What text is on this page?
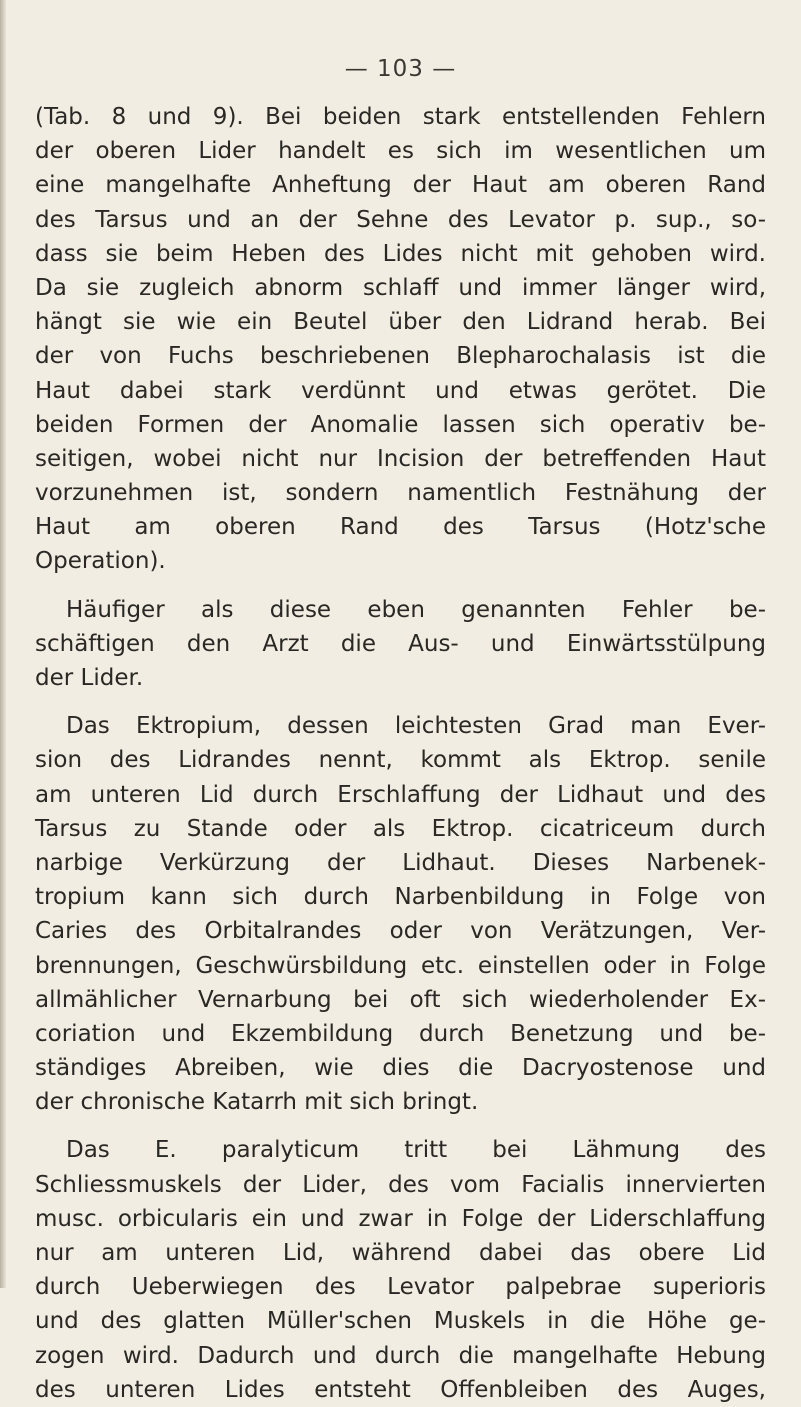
— 103 —
(Tab. 8 und 9). Bei beiden stark entstellenden Fehlern
der oberen Lider handelt es sich im wesentlichen um
eine mangelhafte Anheftung der Haut am oberen Rand
des Tarsus und an der Sehne des Levator p. sup., so-
dass sie beim Heben des Lides nicht mit gehoben wird.
Da sie zugleich abnorm schlaff und immer länger wird,
hängt sie wie ein Beutel über den Lidrand herab. Bei
der von Fuchs beschriebenen Blepharochalasis ist die
Haut dabei stark verdünnt und etwas gerötet. Die
beiden Formen der Anomalie lassen sich operativ be-
seitigen, wobei nicht nur Incision der betreffenden Haut
vorzunehmen ist, sondern namentlich Festnähung der
Haut am oberen Rand des Tarsus (Hotz'sche
Operation).
Häufiger als diese eben genannten Fehler be-
schäftigen den Arzt die Aus- und Einwärtsstülpung
der Lider.
Das Ektropium, dessen leichtesten Grad man Ever-
sion des Lidrandes nennt, kommt als Ektrop. senile
am unteren Lid durch Erschlaffung der Lidhaut und des
Tarsus zu Stande oder als Ektrop. cicatriceum durch
narbige Verkürzung der Lidhaut. Dieses Narbenek-
tropium kann sich durch Narbenbildung in Folge von
Caries des Orbitalrandes oder von Verätzungen, Ver-
brennungen, Geschwürsbildung etc. einstellen oder in Folge
allmählicher Vernarbung bei oft sich wiederholender Ex-
coriation und Ekzembildung durch Benetzung und be-
ständiges Abreiben, wie dies die Dacryostenose und
der chronische Katarrh mit sich bringt.
Das E. paralyticum tritt bei Lähmung des
Schliessmuskels der Lider, des vom Facialis innervierten
musc. orbicularis ein und zwar in Folge der Liderschlaffung
nur am unteren Lid, während dabei das obere Lid
durch Ueberwiegen des Levator palpebrae superioris
und des glatten Müller'schen Muskels in die Höhe ge-
zogen wird. Dadurch und durch die mangelhafte Hebung
des unteren Lides entsteht Offenbleiben des Auges,
